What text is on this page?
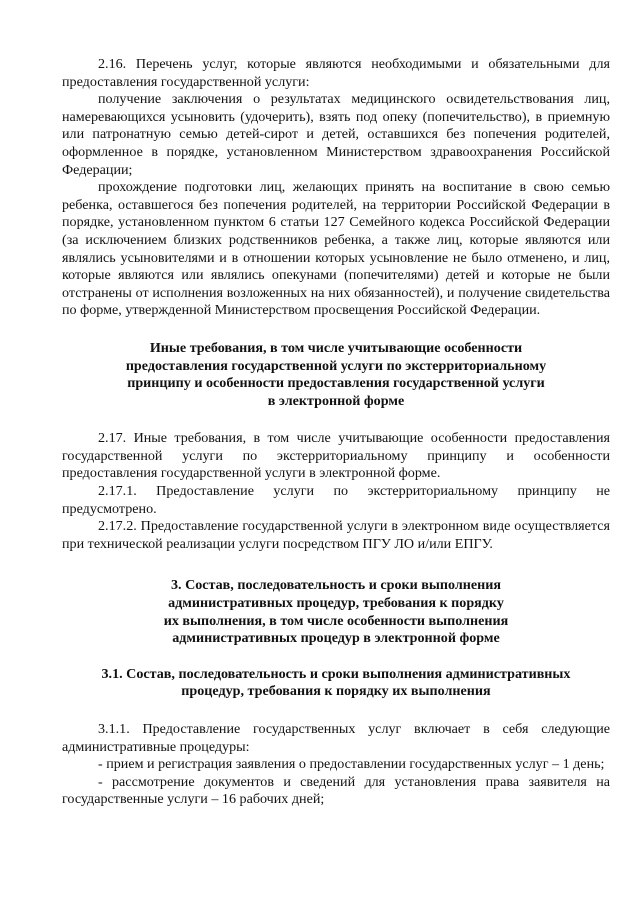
2.16. Перечень услуг, которые являются необходимыми и обязательными для предоставления государственной услуги:

получение заключения о результатах медицинского освидетельствования лиц, намеревающихся усыновить (удочерить), взять под опеку (попечительство), в приемную или патронатную семью детей-сирот и детей, оставшихся без попечения родителей, оформленное в порядке, установленном Министерством здравоохранения Российской Федерации;

прохождение подготовки лиц, желающих принять на воспитание в свою семью ребенка, оставшегося без попечения родителей, на территории Российской Федерации в порядке, установленном пунктом 6 статьи 127 Семейного кодекса Российской Федерации (за исключением близких родственников ребенка, а также лиц, которые являются или являлись усыновителями и в отношении которых усыновление не было отменено, и лиц, которые являются или являлись опекунами (попечителями) детей и которые не были отстранены от исполнения возложенных на них обязанностей), и получение свидетельства по форме, утвержденной Министерством просвещения Российской Федерации.

Иные требования, в том числе учитывающие особенности
предоставления государственной услуги по экстерриториальному
принципу и особенности предоставления государственной услуги
в электронной форме

2.17. Иные требования, в том числе учитывающие особенности предоставления государственной услуги по экстерриториальному принципу и особенности предоставления государственной услуги в электронной форме.

2.17.1. Предоставление услуги по экстерриториальному принципу не предусмотрено.

2.17.2. Предоставление государственной услуги в электронном виде осуществляется при технической реализации услуги посредством ПГУ ЛО и/или ЕПГУ.

3. Состав, последовательность и сроки выполнения
административных процедур, требования к порядку
их выполнения, в том числе особенности выполнения
административных процедур в электронной форме
3.1. Состав, последовательность и сроки выполнения административных
процедур, требования к порядку их выполнения

3.1.1. Предоставление государственных услуг включает в себя следующие административные процедуры:

- прием и регистрация заявления о предоставлении государственных услуг – 1 день;

- рассмотрение документов и сведений для установления права заявителя на государственные услуги – 16 рабочих дней;
